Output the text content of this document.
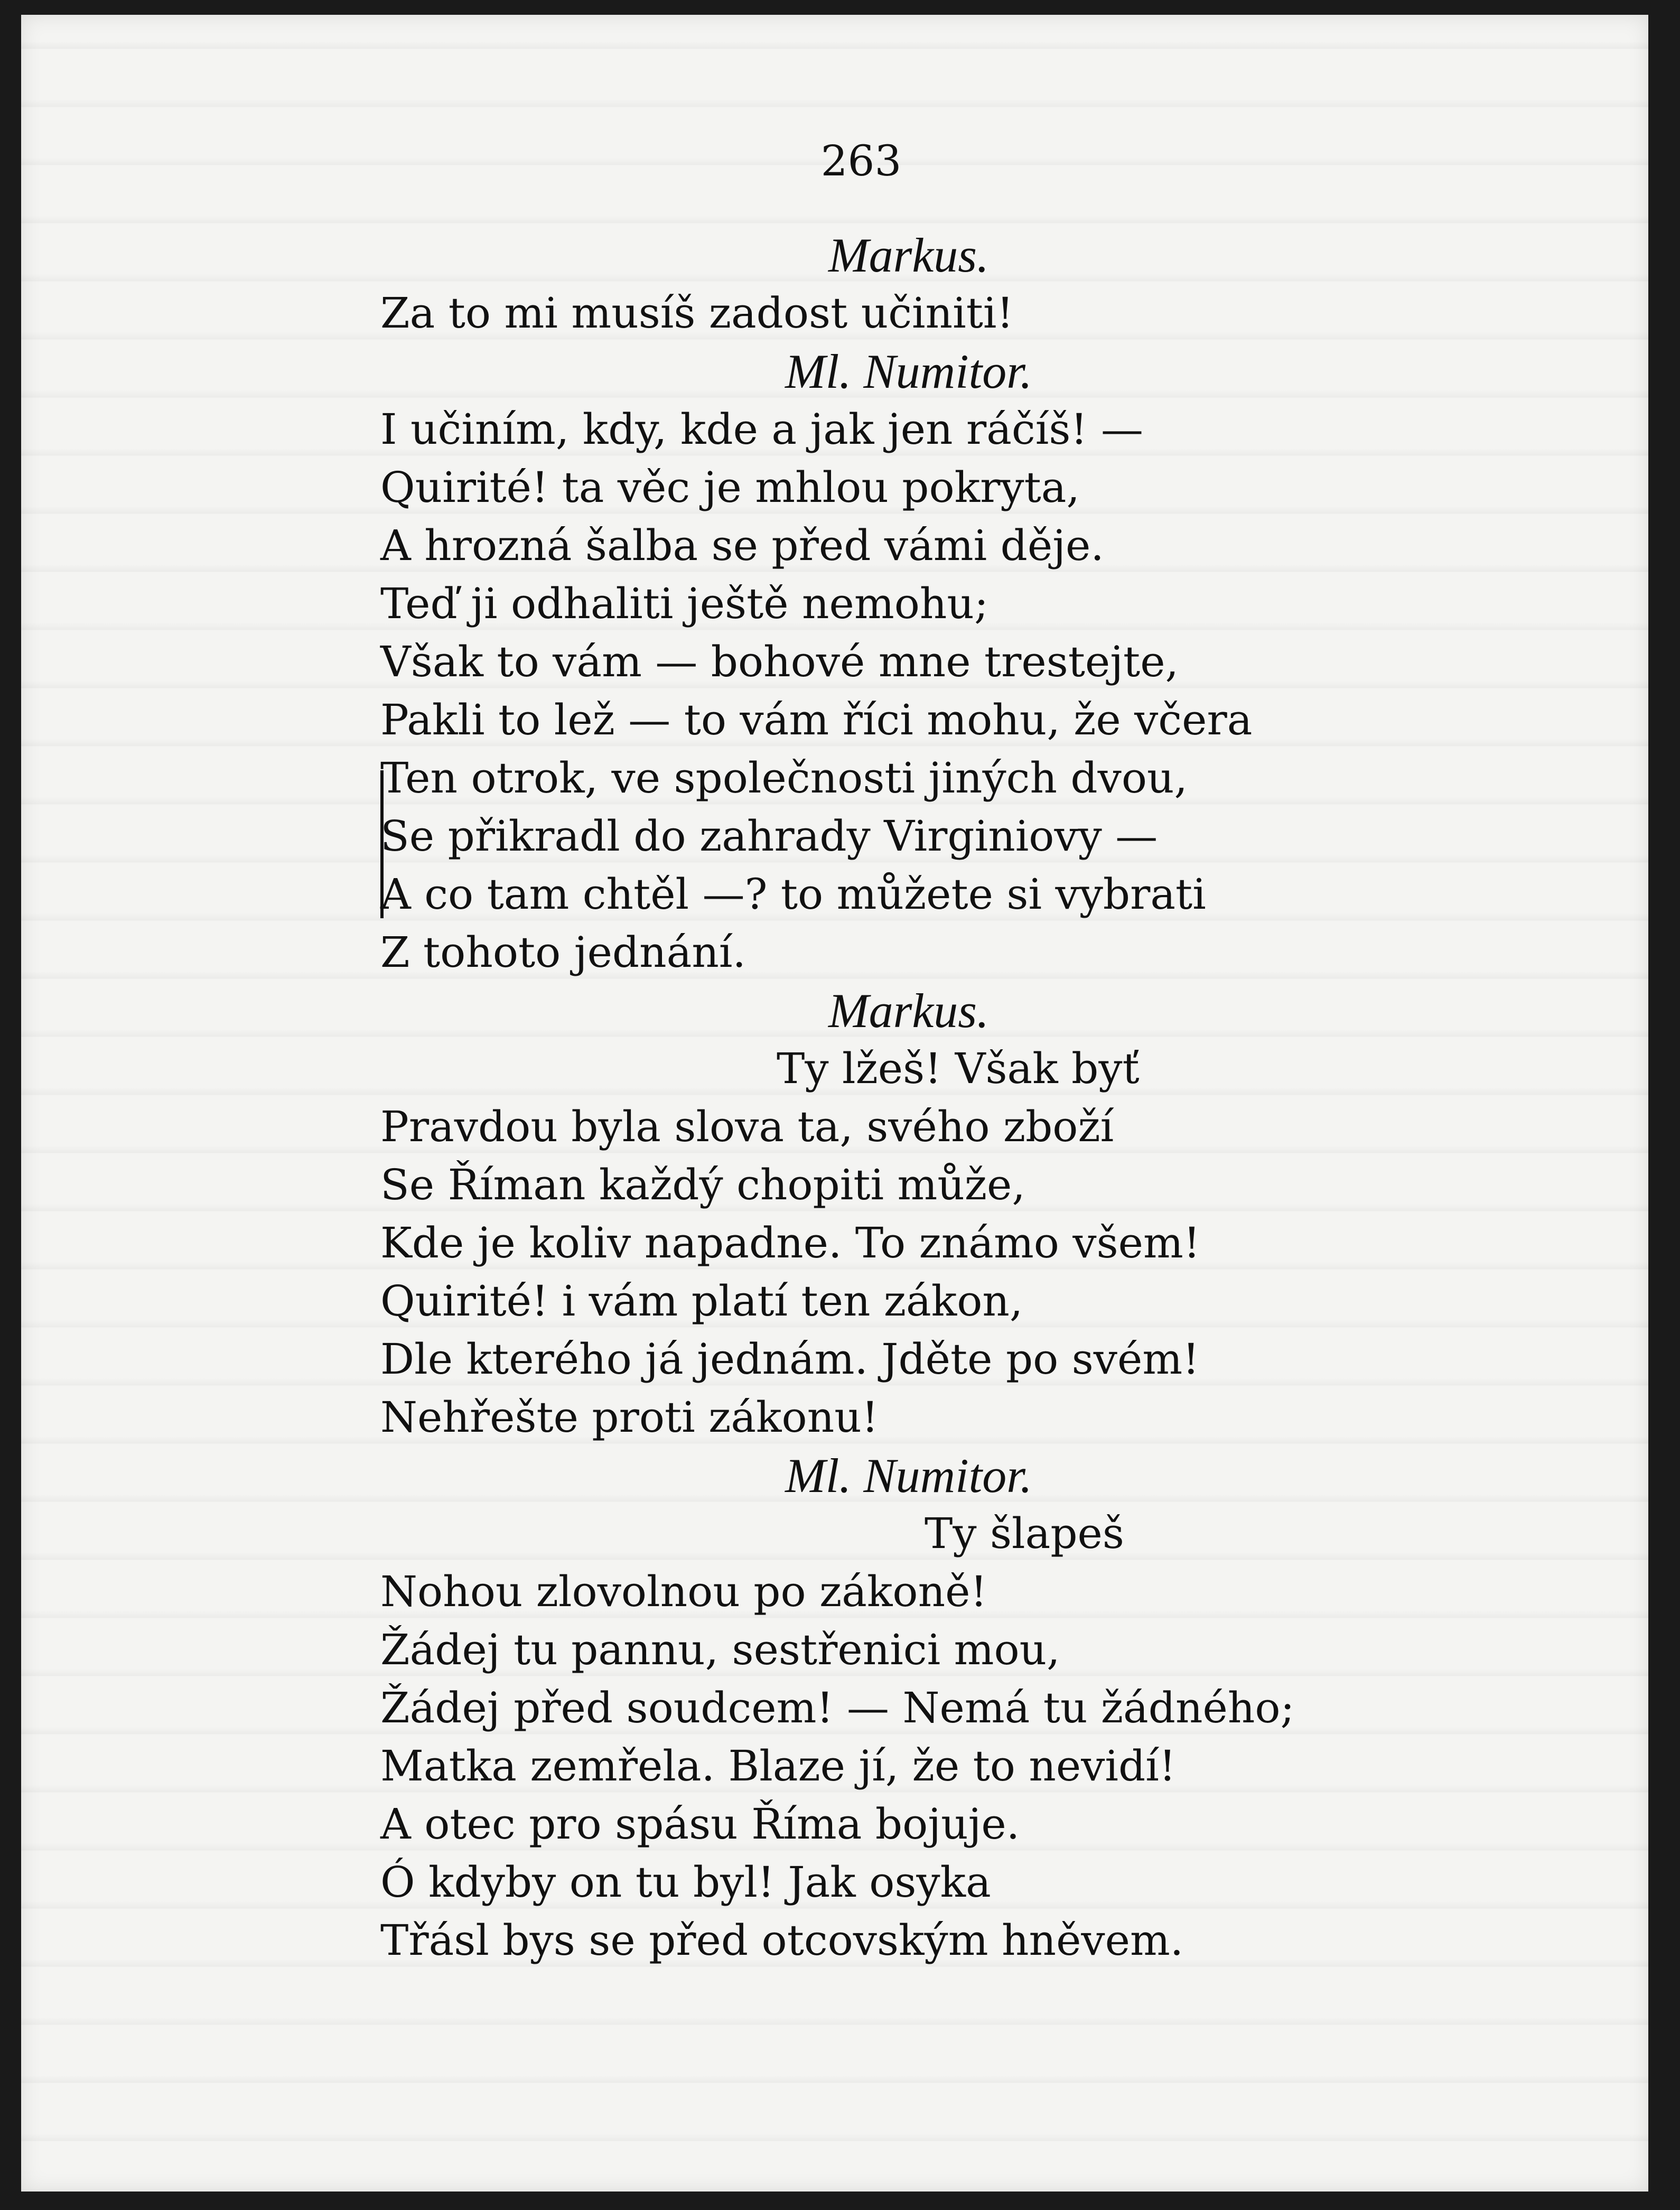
263
Markus.
Za to mi musíš zadost učiniti!
Ml. Numitor.
I učiním, kdy, kde a jak jen ráčíš! —
Quirité! ta věc je mhlou pokryta,
A hrozná šalba se před vámi děje.
Teď ji odhaliti ještě nemohu;
Však to vám — bohové mne trestejte,
Pakli to lež — to vám říci mohu, že včera
Ten otrok, ve společnosti jiných dvou,
Se přikradl do zahrady Virginiovy —
A co tam chtěl —? to můžete si vybrati
Z tohoto jednání.
Markus.
Ty lžeš! Však byť
Pravdou byla slova ta, svého zboží
Se Říman každý chopiti může,
Kde je koliv napadne. To známo všem!
Quirité! i vám platí ten zákon,
Dle kterého já jednám. Jděte po svém!
Nehřešte proti zákonu!
Ml. Numitor.
Ty šlapeš
Nohou zlovolnou po zákoně!
Žádej tu pannu, sestřenici mou,
Žádej před soudcem! — Nemá tu žádného;
Matka zemřela. Blaze jí, že to nevidí!
A otec pro spásu Říma bojuje.
Ó kdyby on tu byl! Jak osyka
Třásl bys se před otcovským hněvem.
